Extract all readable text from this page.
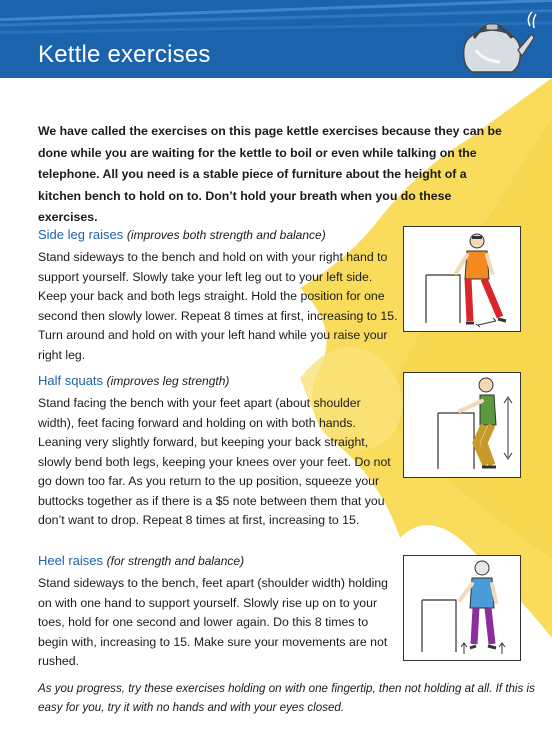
Kettle exercises
We have called the exercises on this page kettle exercises because they can be done while you are waiting for the kettle to boil or even while talking on the telephone. All you need is a stable piece of furniture about the height of a kitchen bench to hold on to. Don’t hold your breath when you do these exercises.
Side leg raises (improves both strength and balance)

Stand sideways to the bench and hold on with your right hand to support yourself. Slowly take your left leg out to your left side. Keep your back and both legs straight. Hold the position for one second then slowly lower. Repeat 8 times at first, increasing to 15. Turn around and hold on with your left hand while you raise your right leg.

Half squats (improves leg strength)

Stand facing the bench with your feet apart (about shoulder width), feet facing forward and holding on with both hands. Leaning very slightly forward, but keeping your back straight, slowly bend both legs, keeping your knees over your feet. Do not go down too far. As you return to the up position, squeeze your buttocks together as if there is a $5 note between them that you don’t want to drop. Repeat 8 times at first, increasing to 15.

Heel raises (for strength and balance)

Stand sideways to the bench, feet apart (shoulder width) holding on with one hand to support yourself. Slowly rise up on to your toes, hold for one second and lower again. Do this 8 times to begin with, increasing to 15. Make sure your movements are not rushed.

As you progress, try these exercises holding on with one fingertip, then not holding at all. If this is easy for you, try it with no hands and with your eyes closed.
